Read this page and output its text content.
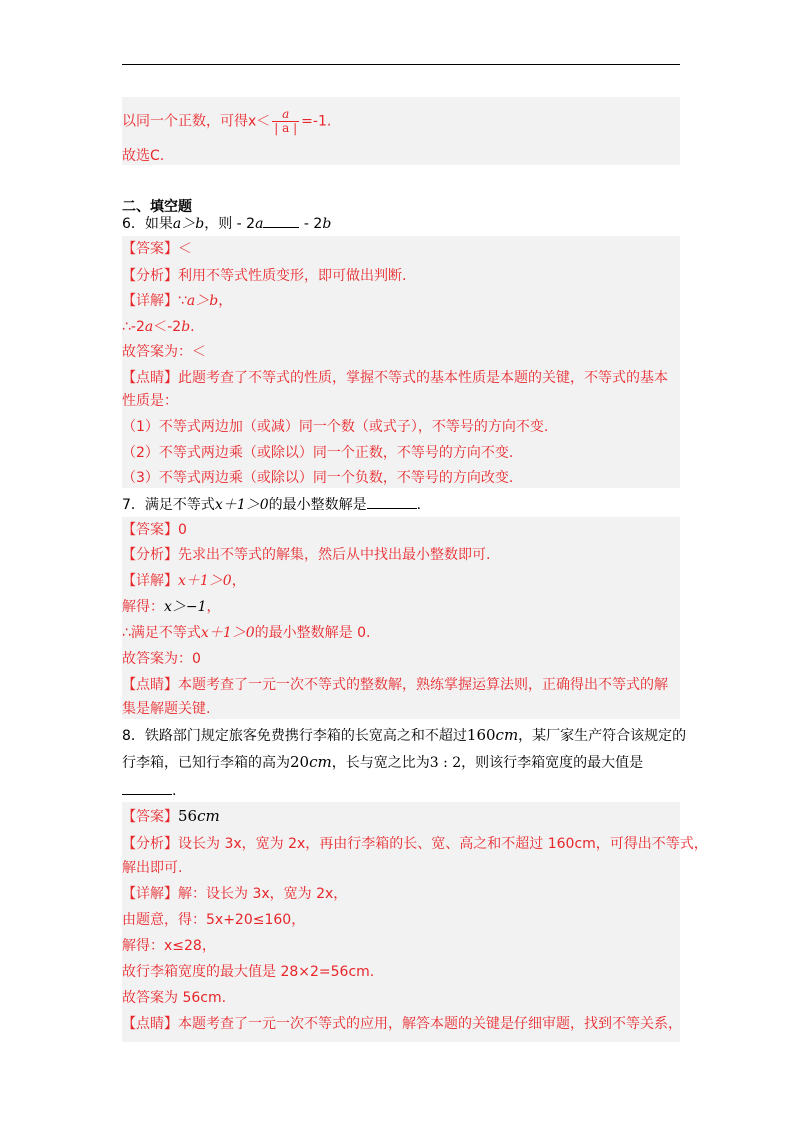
以同一个正数，可得$x< \frac{a}{| a |} =-1$.
故选C.
二、填空题
6．如果a＞b，则 - 2a	- 2b
【答案】＜
【分析】利用不等式性质变形，即可做出判断.
【详解】∵a＞b，
∴-2a＜-2b.
故答案为：＜
【点睛】此题考查了不等式的性质，掌握不等式的基本性质是本题的关键，不等式的基本
性质是：
（1）不等式两边加（或减）同一个数（或式子），不等号的方向不变.
（2）不等式两边乘（或除以）同一个正数，不等号的方向不变.
（3）不等式两边乘（或除以）同一个负数，不等号的方向改变.
7．满足不等式x＋1＞0的最小整数解是	.
【答案】0
【分析】先求出不等式的解集，然后从中找出最小整数即可.
【详解】x＋1＞0，
解得：x＞−1，
∴满足不等式x＋1＞0的最小整数解是 0.
故答案为：0
【点睛】本题考查了一元一次不等式的整数解，熟练掌握运算法则，正确得出不等式的解
集是解题关键.
8．铁路部门规定旅客免费携行李箱的长宽高之和不超过160cm，某厂家生产符合该规定的
行李箱，已知行李箱的高为20cm，长与宽之比为3 : 2，则该行李箱宽度的最大值是
.
【答案】56cm
【分析】设长为 3x，宽为 2x，再由行李箱的长、宽、高之和不超过 160cm，可得出不等式，
解出即可.
【详解】解：设长为 3x，宽为 2x，
由题意，得：5x+20≤160，
解得：x≤28，
故行李箱宽度的最大值是 28×2=56cm.
故答案为 56cm.
【点睛】本题考查了一元一次不等式的应用，解答本题的关键是仔细审题，找到不等关系，
